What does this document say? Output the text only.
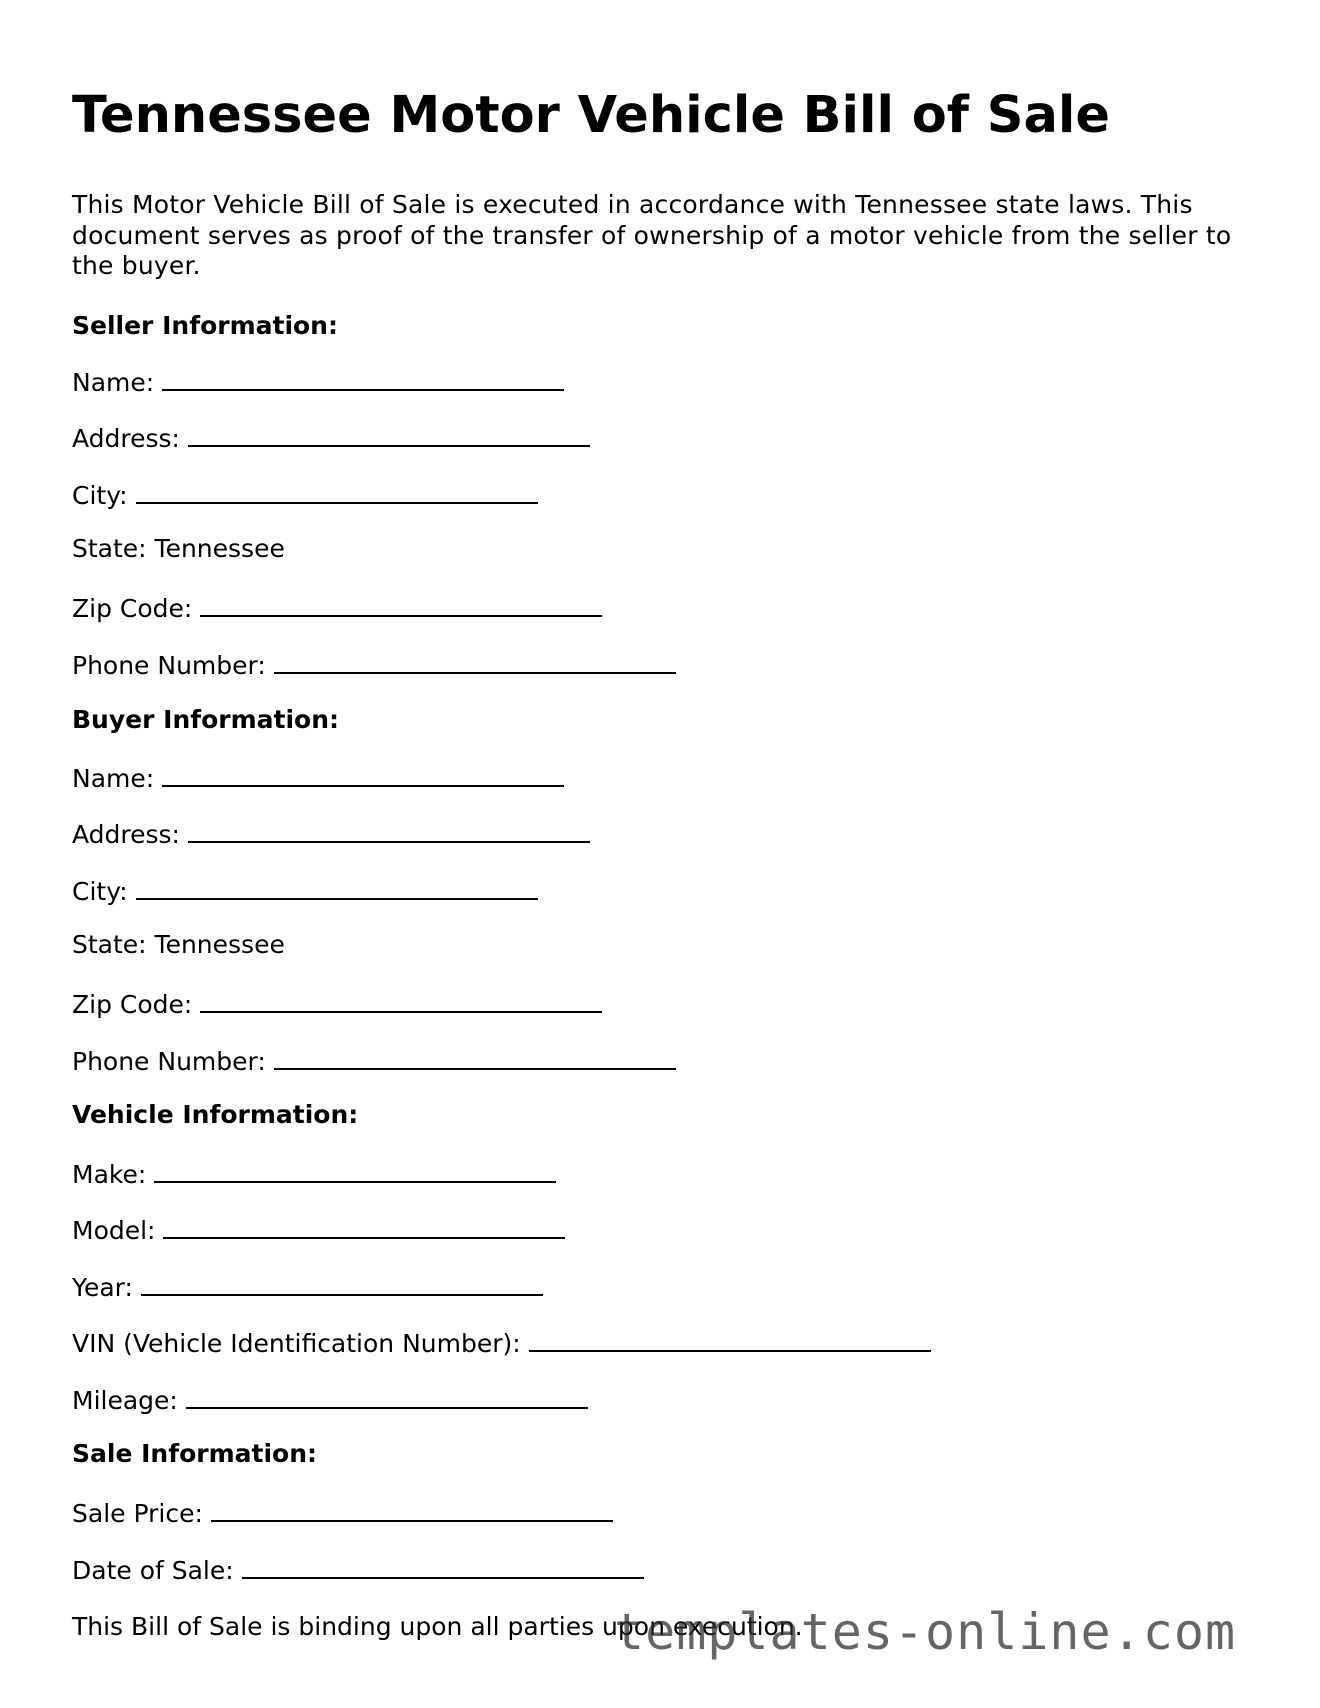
Tennessee Motor Vehicle Bill of Sale

This Motor Vehicle Bill of Sale is executed in accordance with Tennessee state laws. This document serves as proof of the transfer of ownership of a motor vehicle from the seller to the buyer.

Seller Information:
Name:
Address:
City:
State: Tennessee
Zip Code:
Phone Number:
Buyer Information:
Name:
Address:
City:
State: Tennessee
Zip Code:
Phone Number:
Vehicle Information:
Make:
Model:
Year:
VIN (Vehicle Identification Number):
Mileage:
Sale Information:
Sale Price:
Date of Sale:
This Bill of Sale is binding upon all parties upon execution.
templates-online.com
